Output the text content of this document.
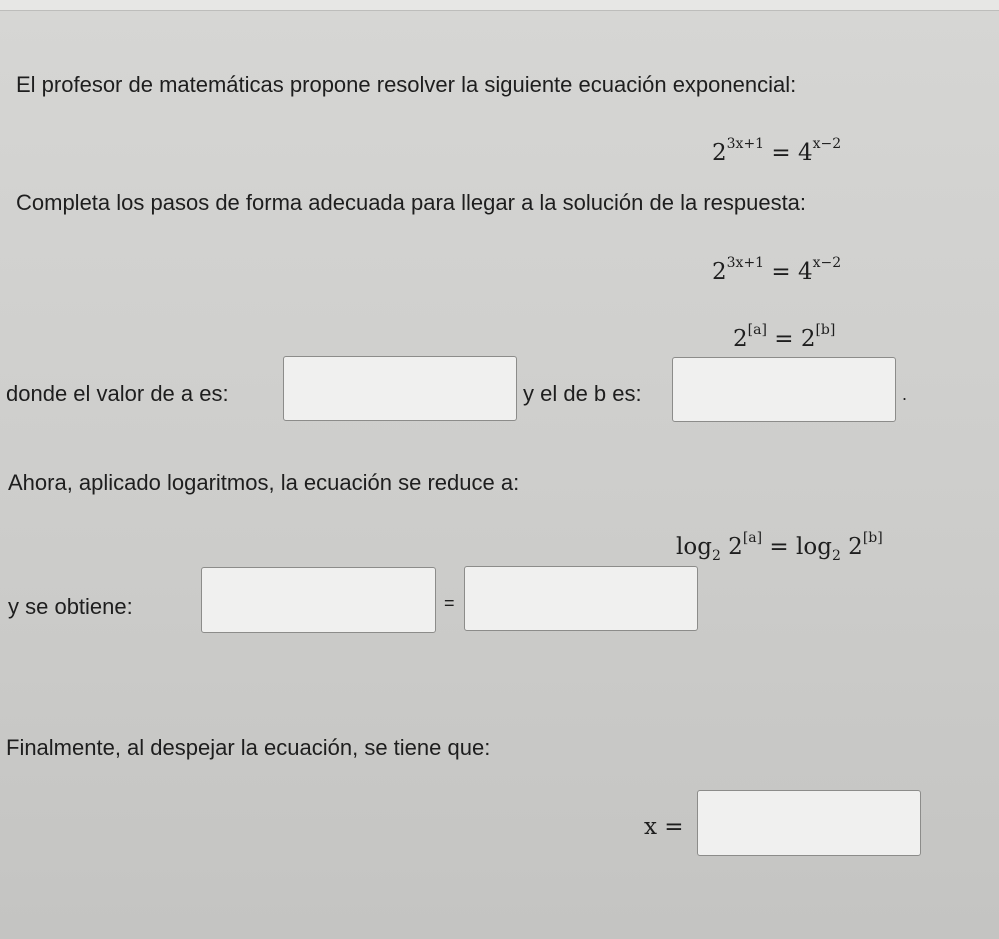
El profesor de matemáticas propone resolver la siguiente ecuación exponencial:
$2^{3x+1} = 4^{x-2}$
Completa los pasos de forma adecuada para llegar a la solución de la respuesta:
$2^{3x+1} = 4^{x-2}$
2[a] = 2[b]
donde el valor de a es:	y el de b es:	.
Ahora, aplicado logaritmos, la ecuación se reduce a:
$\log_2 2[a] = \log_2 2[b]$
y se obtiene:	=
Finalmente, al despejar la ecuación, se tiene que:
x =
